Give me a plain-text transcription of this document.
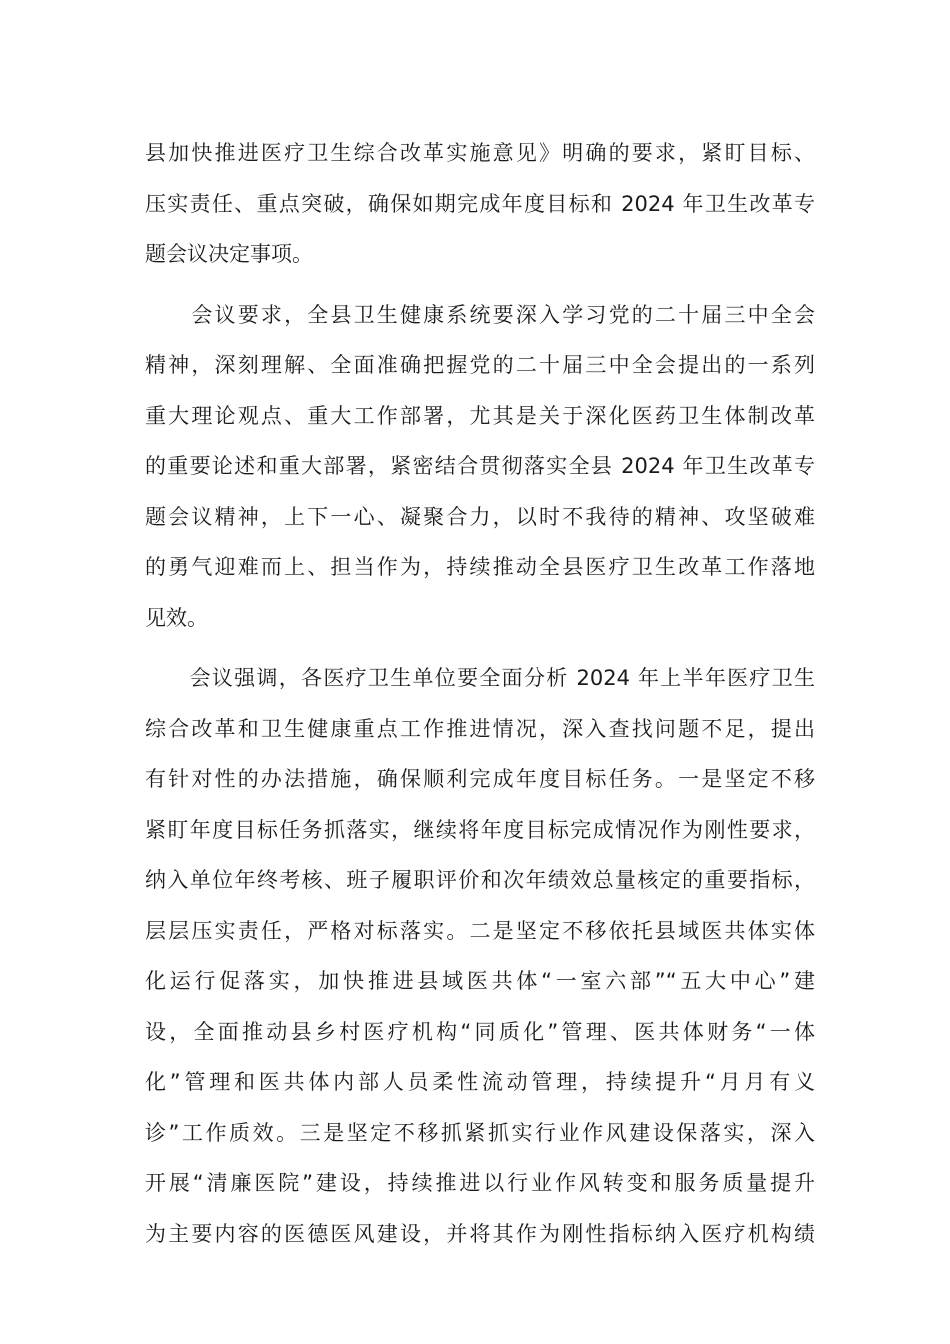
县加快推进医疗卫生综合改革实施意见》明确的要求，紧盯目标、
压实责任、重点突破，确保如期完成年度目标和 2024 年卫生改革专
题会议决定事项。
　　会议要求，全县卫生健康系统要深入学习党的二十届三中全会
精神，深刻理解、全面准确把握党的二十届三中全会提出的一系列
重大理论观点、重大工作部署，尤其是关于深化医药卫生体制改革
的重要论述和重大部署，紧密结合贯彻落实全县 2024 年卫生改革专
题会议精神，上下一心、凝聚合力，以时不我待的精神、攻坚破难
的勇气迎难而上、担当作为，持续推动全县医疗卫生改革工作落地
见效。
　　会议强调，各医疗卫生单位要全面分析 2024 年上半年医疗卫生
综合改革和卫生健康重点工作推进情况，深入查找问题不足，提出
有针对性的办法措施，确保顺利完成年度目标任务。一是坚定不移
紧盯年度目标任务抓落实，继续将年度目标完成情况作为刚性要求，
纳入单位年终考核、班子履职评价和次年绩效总量核定的重要指标，
层层压实责任，严格对标落实。二是坚定不移依托县域医共体实体
化运行促落实，加快推进县域医共体“一室六部”“五大中心”建
设，全面推动县乡村医疗机构“同质化”管理、医共体财务“一体
化”管理和医共体内部人员柔性流动管理，持续提升“月月有义
诊”工作质效。三是坚定不移抓紧抓实行业作风建设保落实，深入
开展“清廉医院”建设，持续推进以行业作风转变和服务质量提升
为主要内容的医德医风建设，并将其作为刚性指标纳入医疗机构绩
